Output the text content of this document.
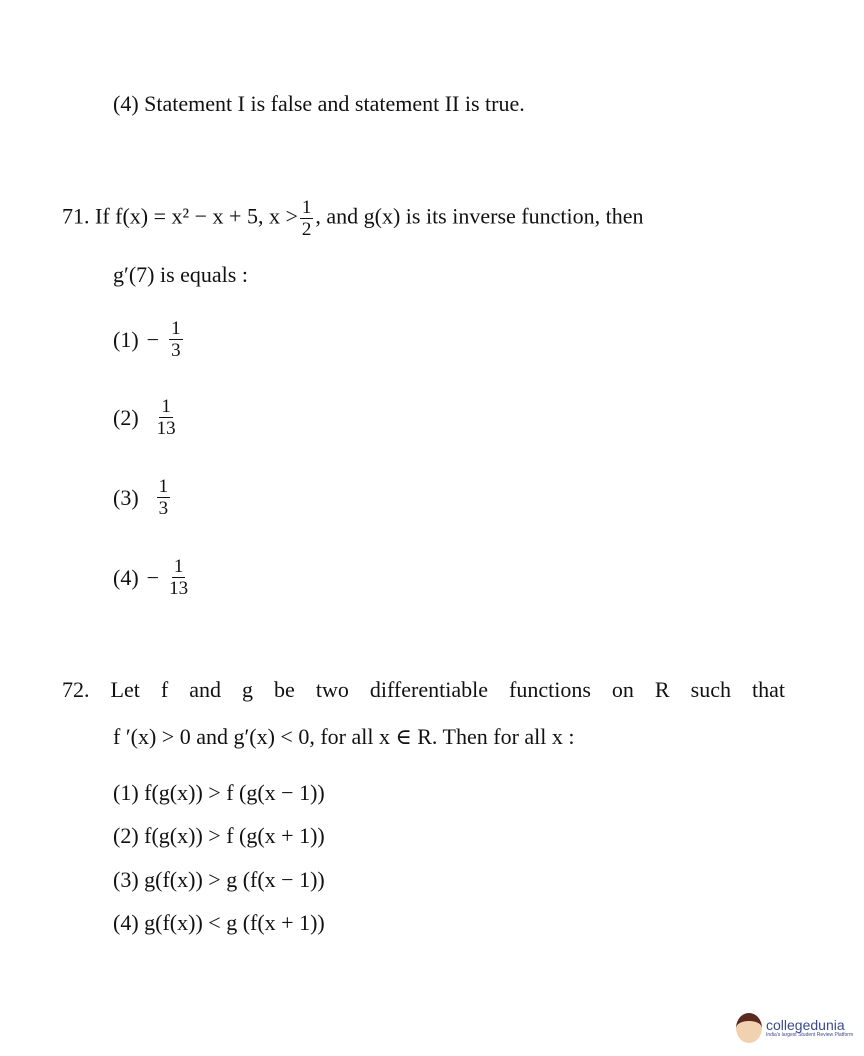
(4) Statement I is false and statement II is true.
71. If f(x) = x² − x + 5, $x > \frac{1}{2}$ , and g(x) is its inverse function, then
g′(7) is equals :
$(1) - \frac{1}{3}$
$(2) \frac{1}{13}$
$(3) \frac{1}{3}$
$(4) - \frac{1}{13}$
72. Let f and g be two differentiable functions on R such that
f ′(x) > 0 and g′(x) < 0, for all x ∈ R. Then for all x :
(1) f(g(x)) > f (g(x − 1))
(2) f(g(x)) > f (g(x + 1))
(3) g(f(x)) > g (f(x − 1))
(4) g(f(x)) < g (f(x + 1))
collegedunia
India's largest Student Review Platform
